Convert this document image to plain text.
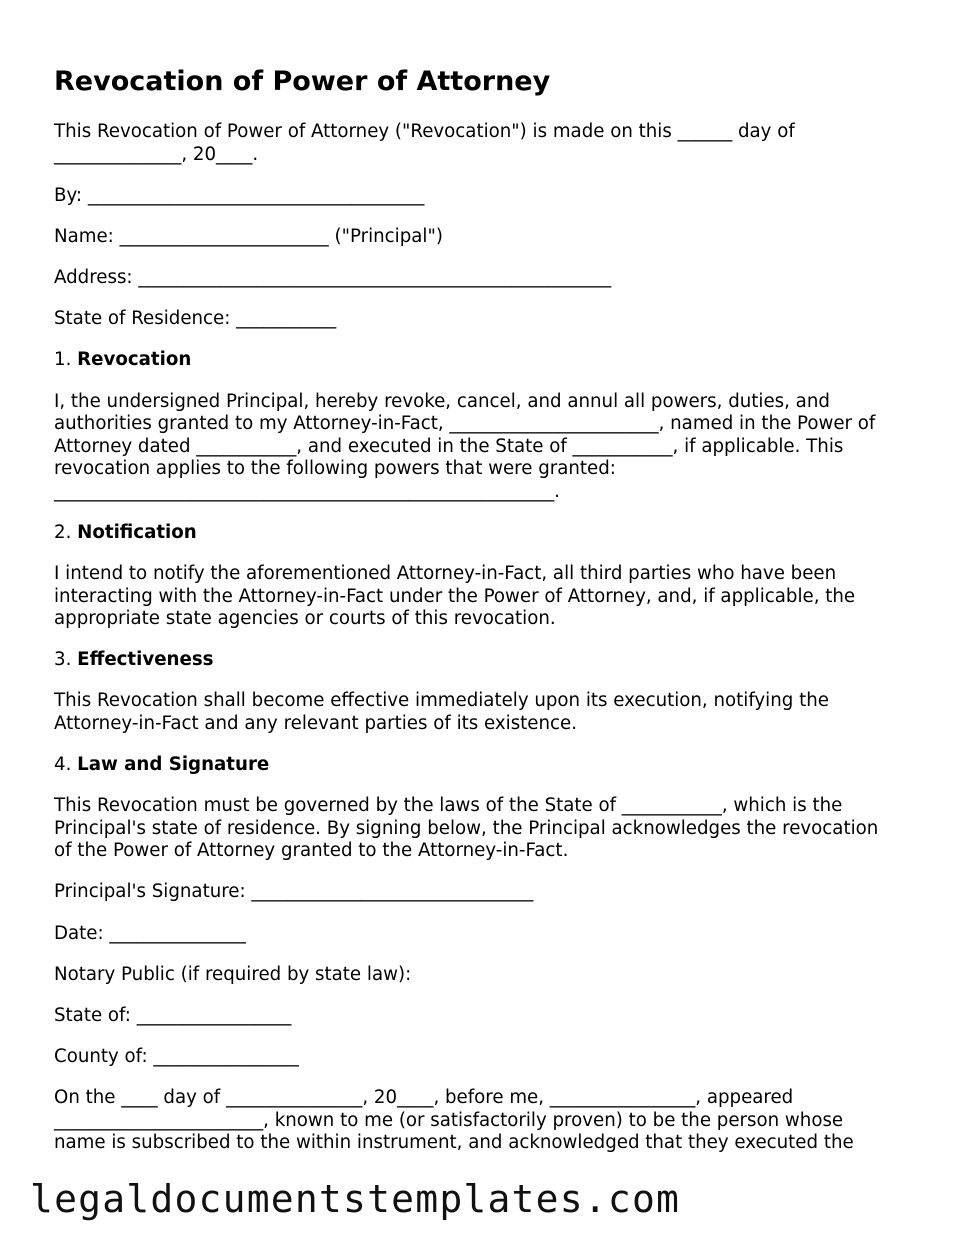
Revocation of Power of Attorney
This Revocation of Power of Attorney ("Revocation") is made on this ______ day of
______________, 20____.
By: _____________________________________
Name: _______________________ ("Principal")
Address: ____________________________________________________
State of Residence: ___________
1. Revocation
I, the undersigned Principal, hereby revoke, cancel, and annul all powers, duties, and
authorities granted to my Attorney-in-Fact, _______________________, named in the Power of
Attorney dated ___________, and executed in the State of ___________, if applicable. This
revocation applies to the following powers that were granted:
_______________________________________________________.
2. Notification
I intend to notify the aforementioned Attorney-in-Fact, all third parties who have been
interacting with the Attorney-in-Fact under the Power of Attorney, and, if applicable, the
appropriate state agencies or courts of this revocation.
3. Effectiveness
This Revocation shall become effective immediately upon its execution, notifying the
Attorney-in-Fact and any relevant parties of its existence.
4. Law and Signature
This Revocation must be governed by the laws of the State of ___________, which is the
Principal's state of residence. By signing below, the Principal acknowledges the revocation
of the Power of Attorney granted to the Attorney-in-Fact.
Principal's Signature: _______________________________
Date: _______________
Notary Public (if required by state law):
State of: _________________
County of: ________________
On the ____ day of _______________, 20____, before me, ________________, appeared
_______________________, known to me (or satisfactorily proven) to be the person whose
name is subscribed to the within instrument, and acknowledged that they executed the
legaldocumentstemplates.com
